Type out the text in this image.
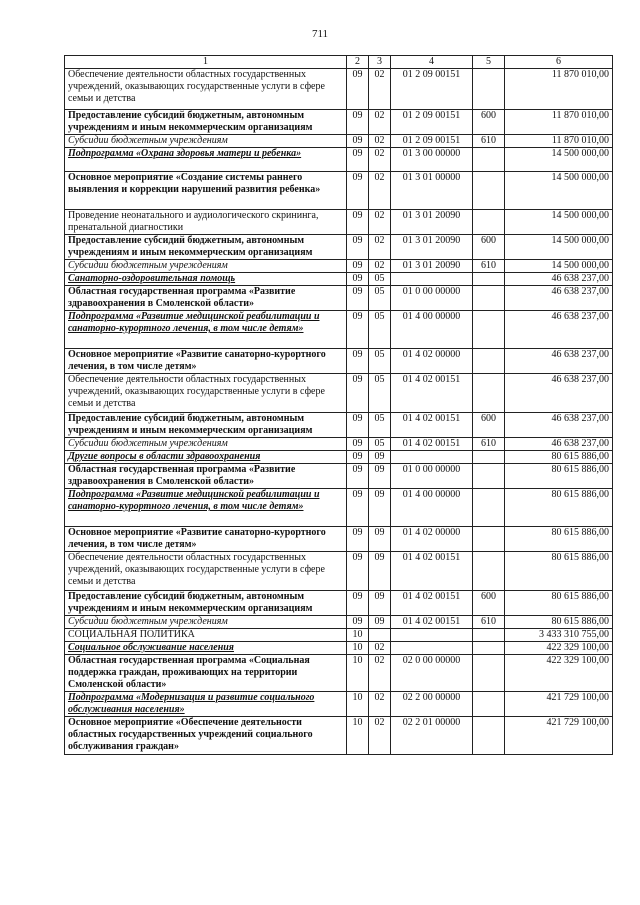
711
1	2	3	4	5	6
Обеспечение деятельности областных государственных учреждений, оказывающих государственные услуги в сфере семьи и детства	09	02	01 2 09 00151		11 870 010,00
Предоставление субсидий бюджетным, автономным учреждениям и иным некоммерческим организациям	09	02	01 2 09 00151	600	11 870 010,00
Субсидии бюджетным учреждениям	09	02	01 2 09 00151	610	11 870 010,00
Подпрограмма «Охрана здоровья матери и ребенка»	09	02	01 3 00 00000		14 500 000,00
Основное мероприятие «Создание системы раннего выявления и коррекции нарушений развития ребенка»	09	02	01 3 01 00000		14 500 000,00
Проведение неонатального и аудиологического скрининга, пренатальной диагностики	09	02	01 3 01 20090		14 500 000,00
Предоставление субсидий бюджетным, автономным учреждениям и иным некоммерческим организациям	09	02	01 3 01 20090	600	14 500 000,00
Субсидии бюджетным учреждениям	09	02	01 3 01 20090	610	14 500 000,00
Санаторно-оздоровительная помощь	09	05			46 638 237,00
Областная государственная программа «Развитие здравоохранения в Смоленской области»	09	05	01 0 00 00000		46 638 237,00
Подпрограмма «Развитие медицинской реабилитации и санаторно-курортного лечения, в том числе детям»	09	05	01 4 00 00000		46 638 237,00
Основное мероприятие «Развитие санаторно-курортного лечения, в том числе детям»	09	05	01 4 02 00000		46 638 237,00
Обеспечение деятельности областных государственных учреждений, оказывающих государственные услуги в сфере семьи и детства	09	05	01 4 02 00151		46 638 237,00
Предоставление субсидий бюджетным, автономным учреждениям и иным некоммерческим организациям	09	05	01 4 02 00151	600	46 638 237,00
Субсидии бюджетным учреждениям	09	05	01 4 02 00151	610	46 638 237,00
Другие вопросы в области здравоохранения	09	09			80 615 886,00
Областная государственная программа «Развитие здравоохранения в Смоленской области»	09	09	01 0 00 00000		80 615 886,00
Подпрограмма «Развитие медицинской реабилитации и санаторно-курортного лечения, в том числе детям»	09	09	01 4 00 00000		80 615 886,00
Основное мероприятие «Развитие санаторно-курортного лечения, в том числе детям»	09	09	01 4 02 00000		80 615 886,00
Обеспечение деятельности областных государственных учреждений, оказывающих государственные услуги в сфере семьи и детства	09	09	01 4 02 00151		80 615 886,00
Предоставление субсидий бюджетным, автономным учреждениям и иным некоммерческим организациям	09	09	01 4 02 00151	600	80 615 886,00
Субсидии бюджетным учреждениям	09	09	01 4 02 00151	610	80 615 886,00
СОЦИАЛЬНАЯ ПОЛИТИКА	10				3 433 310 755,00
Социальное обслуживание населения	10	02			422 329 100,00
Областная государственная программа «Социальная поддержка граждан, проживающих на территории Смоленской области»	10	02	02 0 00 00000		422 329 100,00
Подпрограмма «Модернизация и развитие социального обслуживания населения»	10	02	02 2 00 00000		421 729 100,00
Основное мероприятие «Обеспечение деятельности областных государственных учреждений социального обслуживания граждан»	10	02	02 2 01 00000		421 729 100,00
